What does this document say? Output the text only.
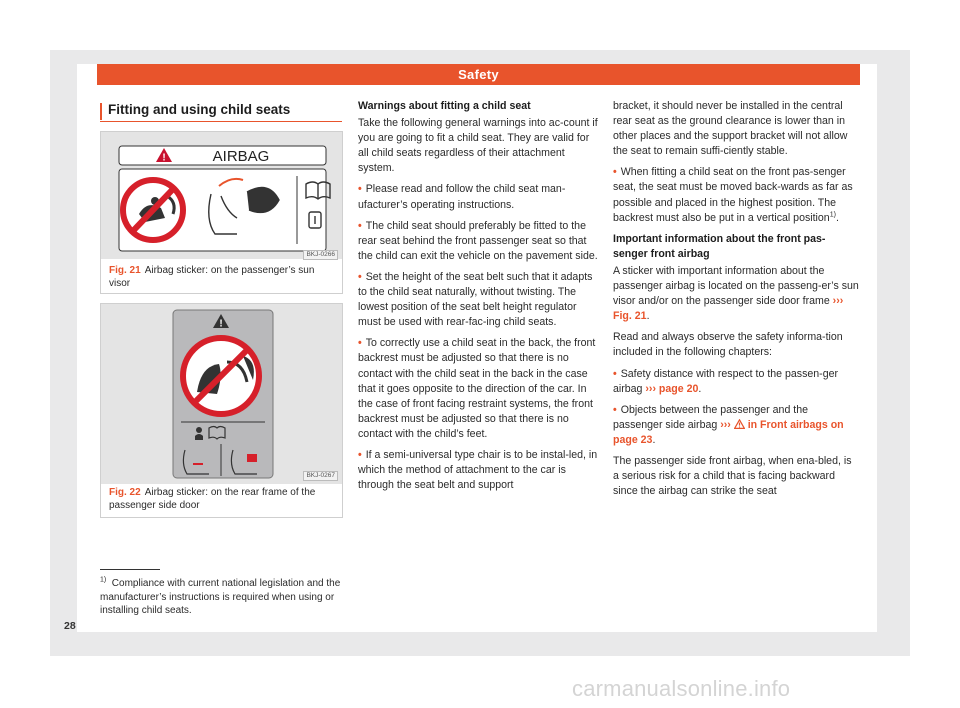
Safety
Fitting and using child seats
!	AIRBAG
BKJ-0266
Fig. 21 Airbag sticker: on the passenger’s sun visor
!
BKJ-0267
Fig. 22 Airbag sticker: on the rear frame of the passenger side door

Warnings about fitting a child seat

Take the following general warnings into ac-count if you are going to fit a child seat. They are valid for all child seats regardless of their attachment system.

• Please read and follow the child seat man-ufacturer’s operating instructions.

• The child seat should preferably be fitted to the rear seat behind the front passenger seat so that the child can exit the vehicle on the pavement side.

• Set the height of the seat belt such that it adapts to the child seat naturally, without twisting. The lowest position of the seat belt height regulator must be used with rear-fac-ing child seats.

• To correctly use a child seat in the back, the front backrest must be adjusted so that there is no contact with the child seat in the back in the case that it goes opposite to the direction of the car. In the case of front facing restraint systems, the front backrest must be adjusted so that there is no contact with the child’s feet.

• If a semi-universal type chair is to be instal-led, in which the method of attachment to the car is through the seat belt and support

bracket, it should never be installed in the central rear seat as the ground clearance is lower than in other places and the support bracket will not allow the seat to remain suffi-ciently stable.

• When fitting a child seat on the front pas-senger seat, the seat must be moved back-wards as far as possible and placed in the highest position. The backrest must also be put in a vertical position$^{1)}$.

Important information about the front pas-senger front airbag

A sticker with important information about the passenger airbag is located on the passeng-er’s sun visor and/or on the passenger side door frame ››› Fig. 21.

Read and always observe the safety informa-tion included in the following chapters:

• Safety distance with respect to the passen-ger airbag ››› page 20.

• Objects between the passenger and the passenger side airbag ››› in Front airbags on page 23.

The passenger side front airbag, when ena-bled, is a serious risk for a child that is facing backward since the airbag can strike the seat

$^{1)}$ Compliance with current national legislation and the manufacturer’s instructions is required when using or installing child seats.
28
carmanualsonline.info
